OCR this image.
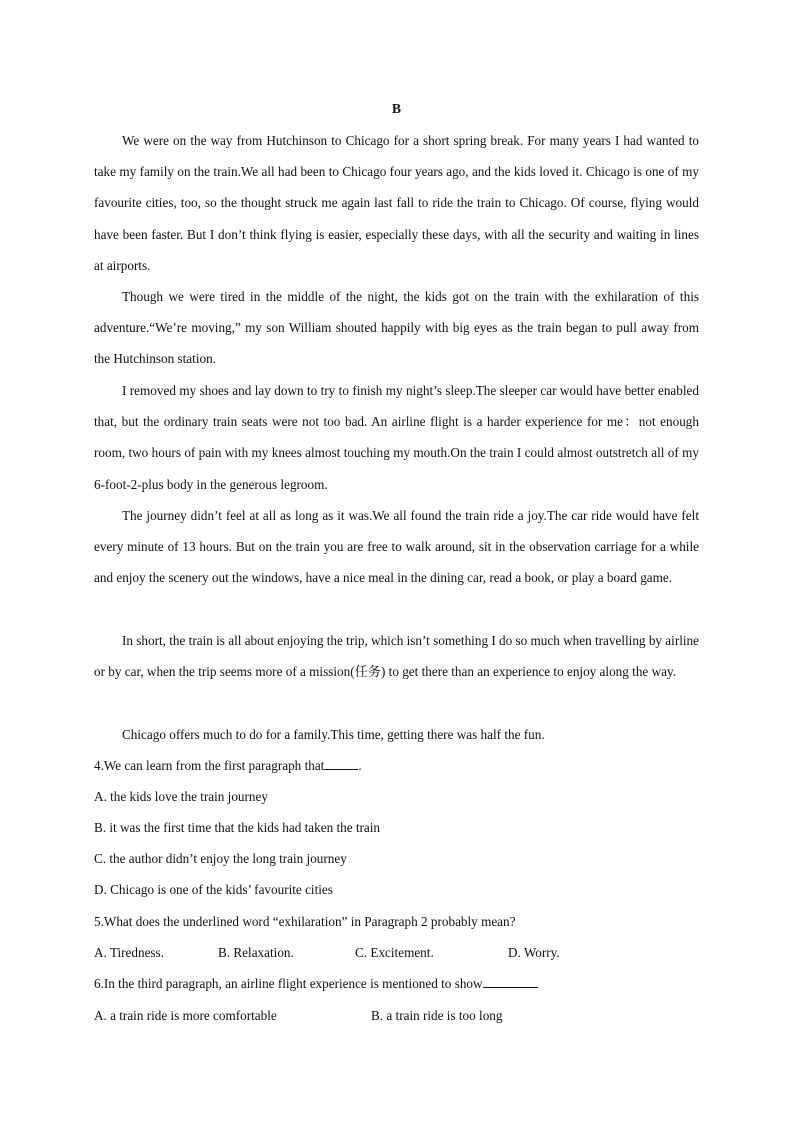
B

We were on the way from Hutchinson to Chicago for a short spring break. For many years I had wanted to take my family on the train.We all had been to Chicago four years ago, and the kids loved it. Chicago is one of my favourite cities, too, so the thought struck me again last fall to ride the train to Chicago. Of course, flying would have been faster. But I don’t think flying is easier, especially these days, with all the security and waiting in lines at airports.

Though we were tired in the middle of the night, the kids got on the train with the exhilaration of this adventure.“We’re moving,” my son William shouted happily with big eyes as the train began to pull away from the Hutchinson station.

I removed my shoes and lay down to try to finish my night’s sleep.The sleeper car would have better enabled that, but the ordinary train seats were not too bad. An airline flight is a harder experience for me：not enough room, two hours of pain with my knees almost touching my mouth.On the train I could almost outstretch all of my 6-foot-2-plus body in the generous legroom.

The journey didn’t feel at all as long as it was.We all found the train ride a joy.The car ride would have felt every minute of 13 hours. But on the train you are free to walk around, sit in the observation carriage for a while and enjoy the scenery out the windows, have a nice meal in the dining car, read a book, or play a board game.

In short, the train is all about enjoying the trip, which isn’t something I do so much when travelling by airline or by car, when the trip seems more of a mission(任务) to get there than an experience to enjoy along the way.

Chicago offers much to do for a family.This time, getting there was half the fun.

4.We can learn from the first paragraph that	.
A. the kids love the train journey
B. it was the first time that the kids had taken the train
C. the author didn’t enjoy the long train journey
D. Chicago is one of the kids’ favourite cities
5.What does the underlined word “exhilaration” in Paragraph 2 probably mean?
A. Tiredness.	B. Relaxation.	C. Excitement.	D. Worry.
6.In the third paragraph, an airline flight experience is mentioned to show
A. a train ride is more comfortable	B. a train ride is too long
